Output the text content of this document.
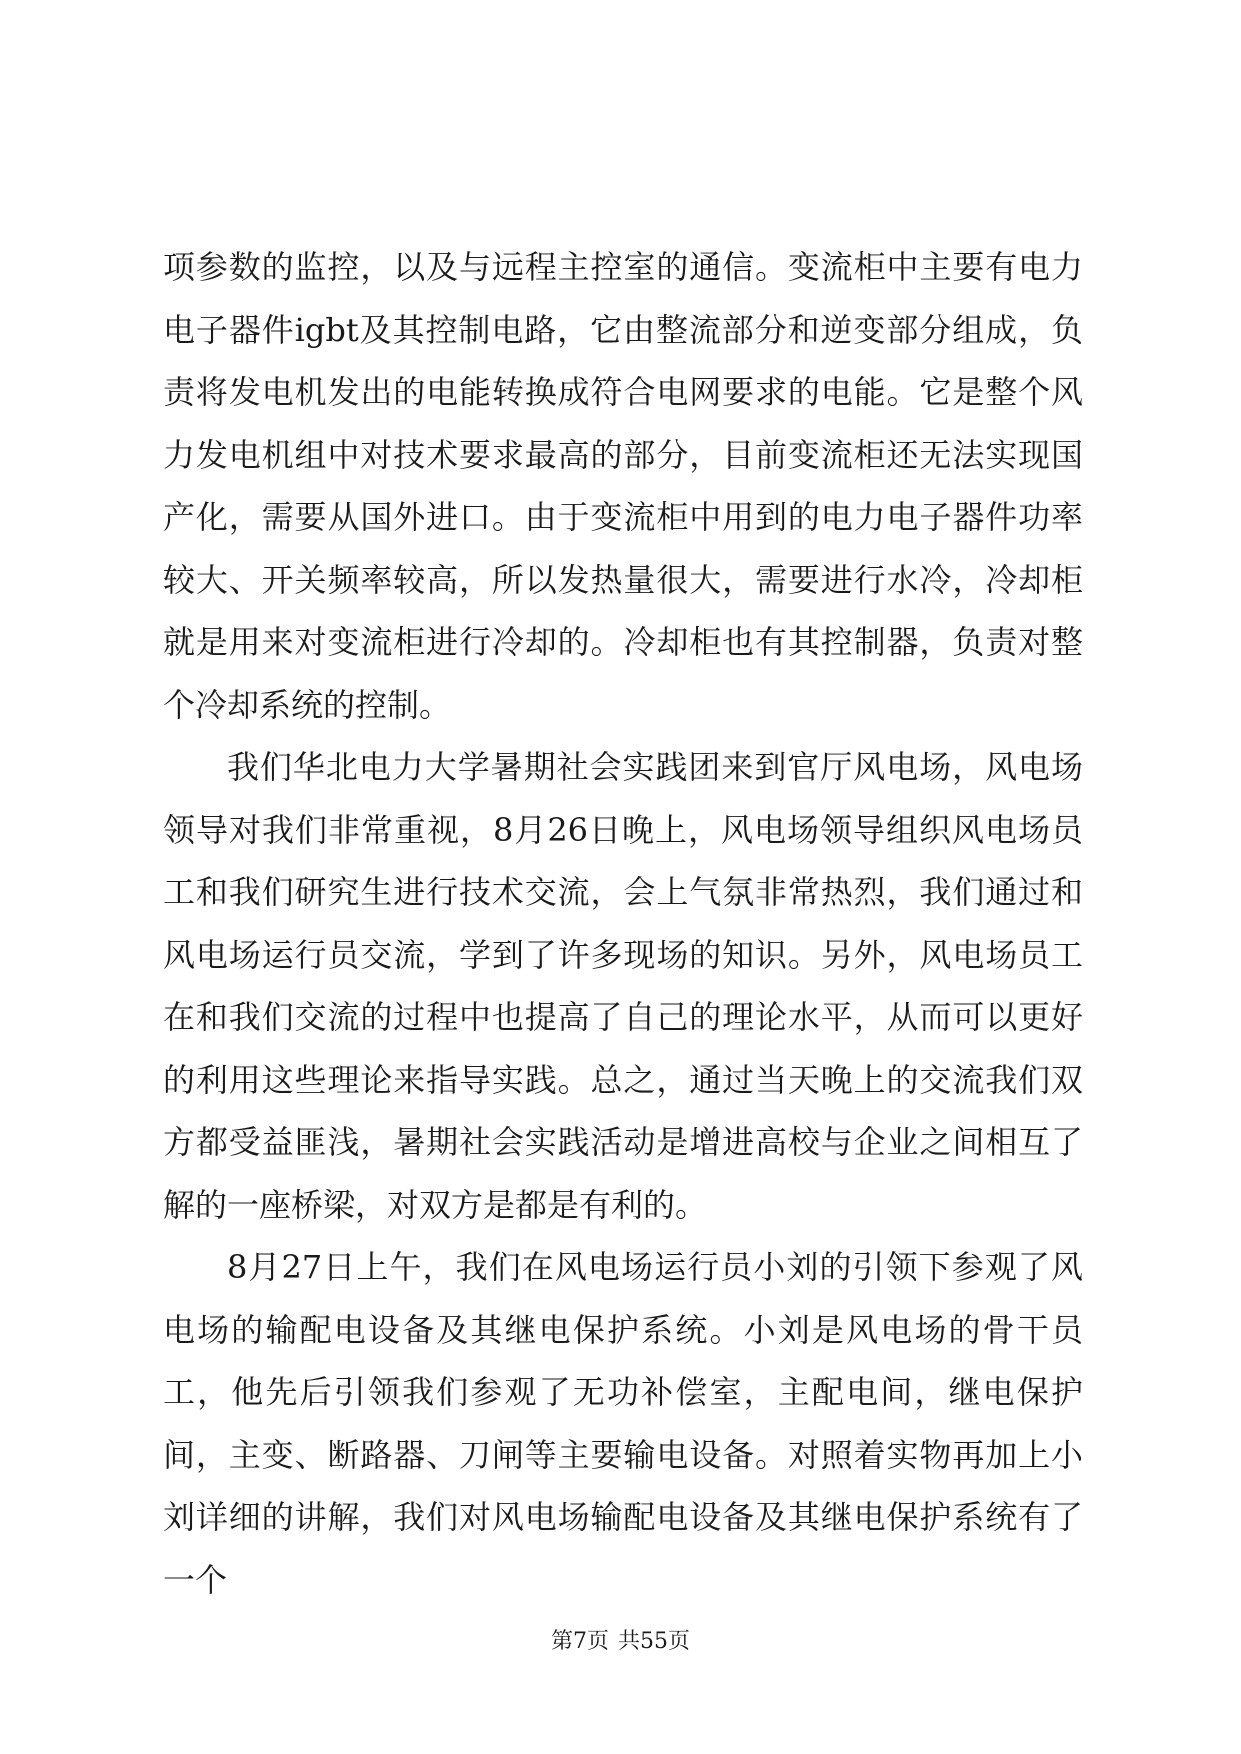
项参数的监控，以及与远程主控室的通信。变流柜中主要有电力电子器件igbt及其控制电路，它由整流部分和逆变部分组成，负责将发电机发出的电能转换成符合电网要求的电能。它是整个风力发电机组中对技术要求最高的部分，目前变流柜还无法实现国产化，需要从国外进口。由于变流柜中用到的电力电子器件功率较大、开关频率较高，所以发热量很大，需要进行水冷，冷却柜就是用来对变流柜进行冷却的。冷却柜也有其控制器，负责对整个冷却系统的控制。

我们华北电力大学暑期社会实践团来到官厅风电场，风电场领导对我们非常重视，8月26日晚上，风电场领导组织风电场员工和我们研究生进行技术交流，会上气氛非常热烈，我们通过和风电场运行员交流，学到了许多现场的知识。另外，风电场员工在和我们交流的过程中也提高了自己的理论水平，从而可以更好的利用这些理论来指导实践。总之，通过当天晚上的交流我们双方都受益匪浅，暑期社会实践活动是增进高校与企业之间相互了解的一座桥梁，对双方是都是有利的。

8月27日上午，我们在风电场运行员小刘的引领下参观了风电场的输配电设备及其继电保护系统。小刘是风电场的骨干员工，他先后引领我们参观了无功补偿室，主配电间，继电保护间，主变、断路器、刀闸等主要输电设备。对照着实物再加上小刘详细的讲解，我们对风电场输配电设备及其继电保护系统有了一个

第7页 共55页
